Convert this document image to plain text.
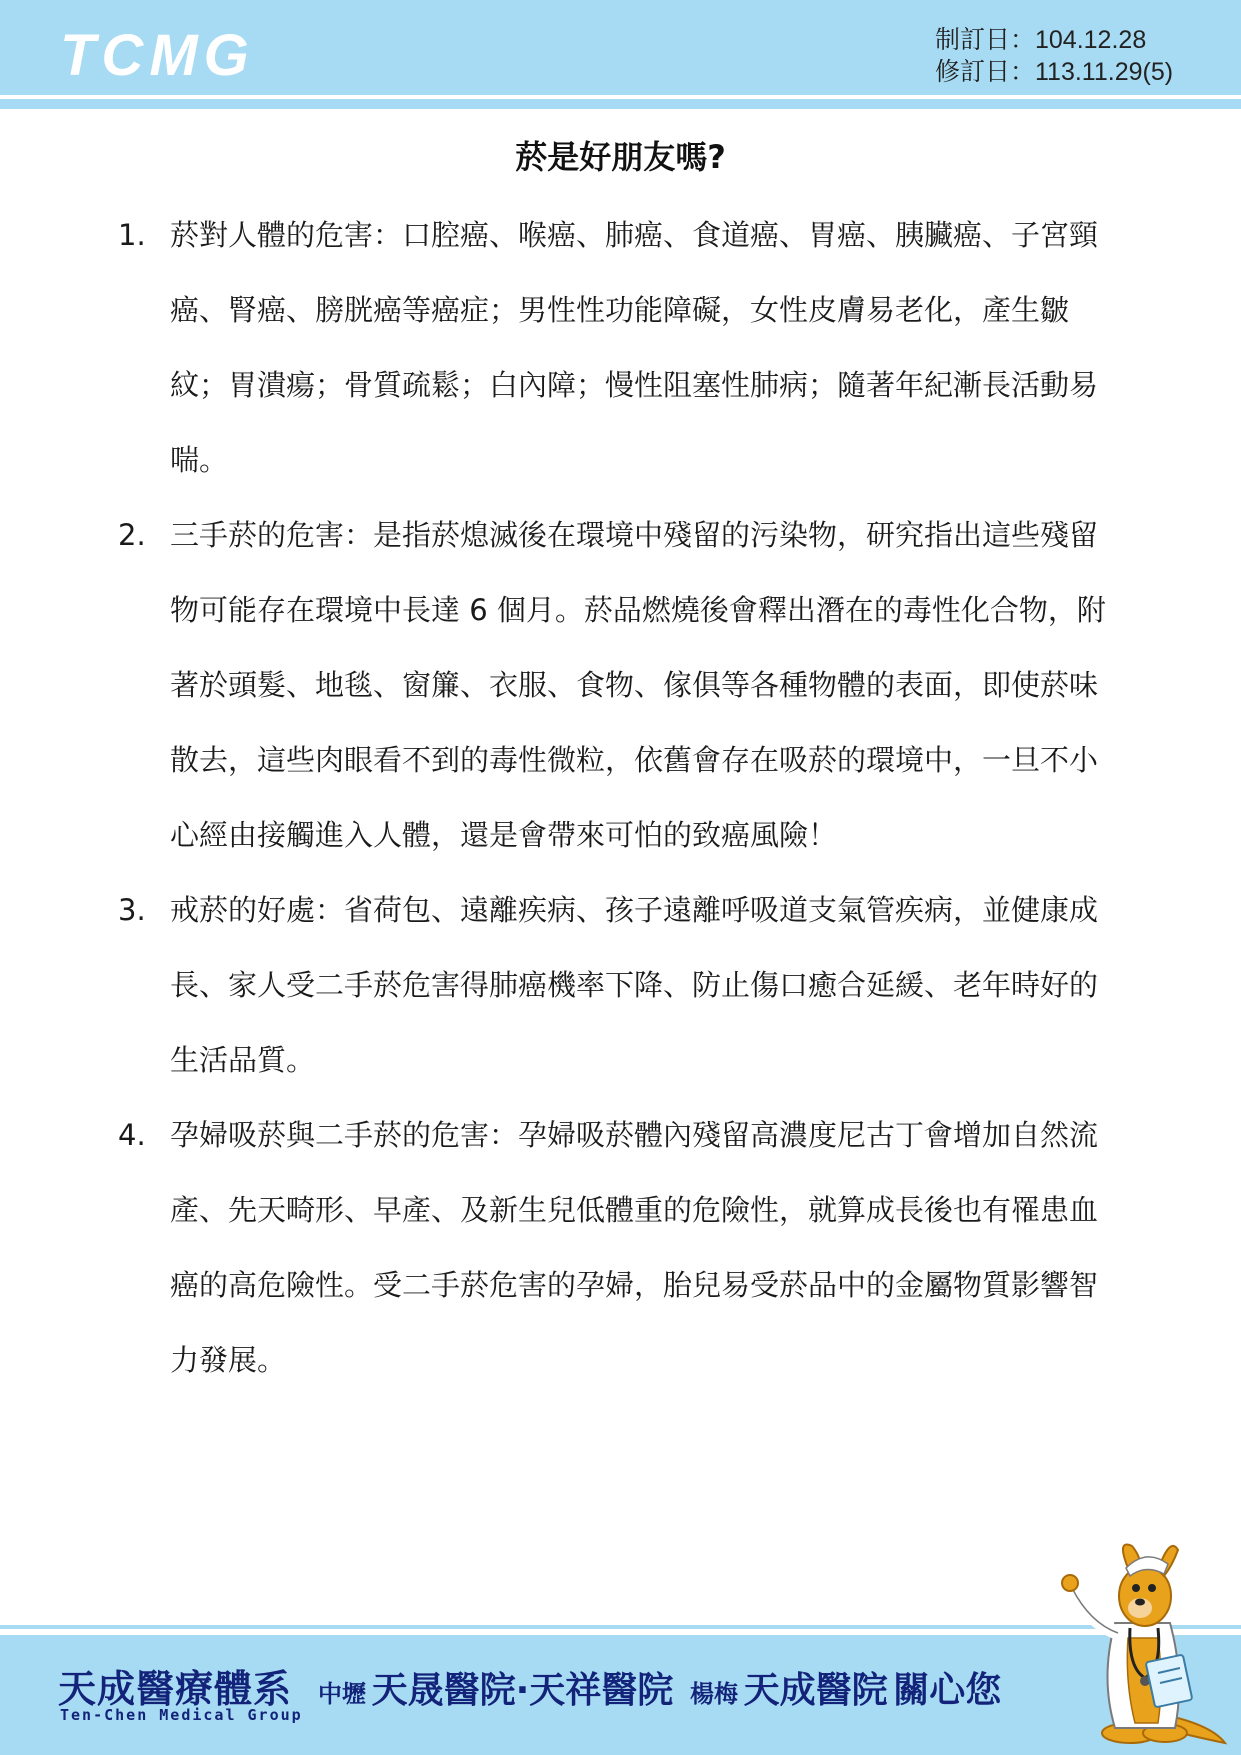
TCMG	制訂日：104.12.28
修訂日：113.11.29(5)
菸是好朋友嗎?
1. 菸對人體的危害：口腔癌、喉癌、肺癌、食道癌、胃癌、胰臟癌、子宮頸癌、腎癌、膀胱癌等癌症；男性性功能障礙，女性皮膚易老化，產生皺紋；胃潰瘍；骨質疏鬆；白內障；慢性阻塞性肺病；隨著年紀漸長活動易喘。
2. 三手菸的危害：是指菸熄滅後在環境中殘留的污染物，研究指出這些殘留物可能存在環境中長達 6 個月。菸品燃燒後會釋出潛在的毒性化合物，附著於頭髮、地毯、窗簾、衣服、食物、傢俱等各種物體的表面，即使菸味散去，這些肉眼看不到的毒性微粒，依舊會存在吸菸的環境中，一旦不小心經由接觸進入人體，還是會帶來可怕的致癌風險！
3. 戒菸的好處：省荷包、遠離疾病、孩子遠離呼吸道支氣管疾病，並健康成長、家人受二手菸危害得肺癌機率下降、防止傷口癒合延緩、老年時好的生活品質。
4. 孕婦吸菸與二手菸的危害：孕婦吸菸體內殘留高濃度尼古丁會增加自然流產、先天畸形、早產、及新生兒低體重的危險性，就算成長後也有罹患血癌的高危險性。受二手菸危害的孕婦，胎兒易受菸品中的金屬物質影響智力發展。
天成醫療體系
Ten-Chen Medical Group
中壢 天晟醫院·天祥醫院 楊梅 天成醫院 關心您
